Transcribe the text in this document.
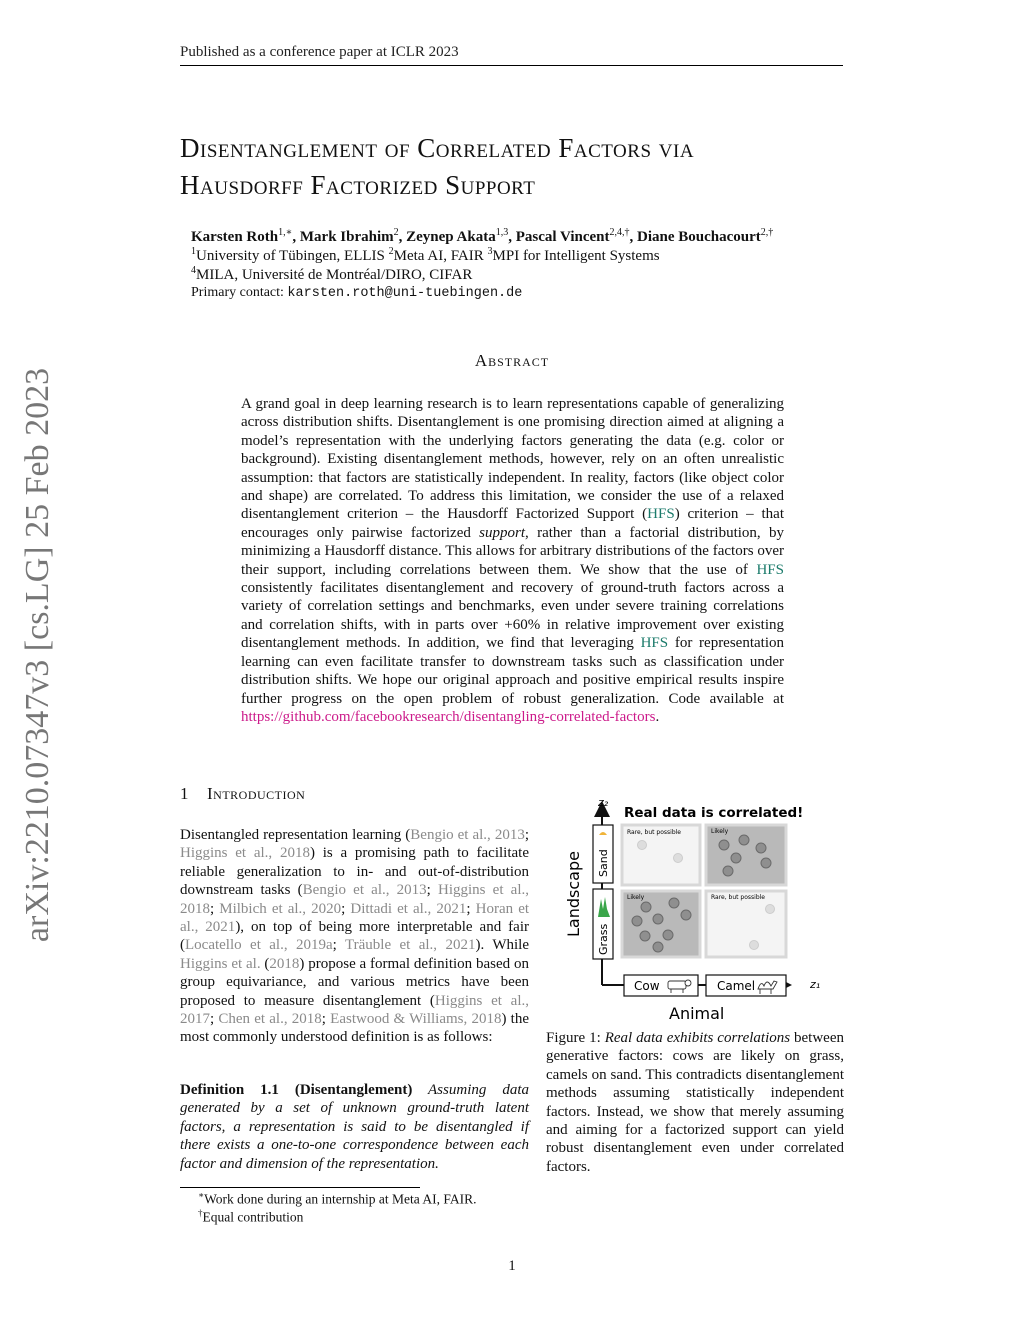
Published as a conference paper at ICLR 2023
arXiv:2210.07347v3 [cs.LG] 25 Feb 2023
Disentanglement of Correlated Factors via
Hausdorff Factorized Support
Karsten Roth$^{1,∗}$, Mark Ibrahim$^2$, Zeynep Akata$^{1,3}$, Pascal Vincent$^{2,4,\dagger}$, Diane Bouchacourt$^{2,\dagger}$
$^1$University of Tübingen, ELLIS $^2$Meta AI, FAIR $^3$MPI for Intelligent Systems
$^4$MILA, Université de Montréal/DIRO, CIFAR
Primary contact: karsten.roth@uni-tuebingen.de
Abstract
A grand goal in deep learning research is to learn representations capable of generalizing across distribution shifts. Disentanglement is one promising direction aimed at aligning a model’s representation with the underlying factors generating the data (e.g. color or background). Existing disentanglement methods, however, rely on an often unrealistic assumption: that factors are statistically independent. In reality, factors (like object color and shape) are correlated. To address this limitation, we consider the use of a relaxed disentanglement criterion – the Hausdorff Factorized Support (HFS) criterion – that encourages only pairwise factorized support, rather than a factorial distribution, by minimizing a Hausdorff distance. This allows for arbitrary distributions of the factors over their support, including correlations between them. We show that the use of HFS consistently facilitates disentanglement and recovery of ground-truth factors across a variety of correlation settings and benchmarks, even under severe training correlations and correlation shifts, with in parts over +60% in relative improvement over existing disentanglement methods. In addition, we find that leveraging HFS for representation learning can even facilitate transfer to downstream tasks such as classification under distribution shifts. We hope our original approach and positive empirical results inspire further progress on the open problem of robust generalization. Code available at https://github.com/facebookresearch/disentangling-correlated-factors.
1 Introduction
Disentangled representation learning (Bengio et al., 2013; Higgins et al., 2018) is a promising path to facilitate reliable generalization to in- and out-of-distribution downstream tasks (Bengio et al., 2013; Higgins et al., 2018; Milbich et al., 2020; Dittadi et al., 2021; Horan et al., 2021), on top of being more interpretable and fair (Locatello et al., 2019a; Träuble et al., 2021). While Higgins et al. (2018) propose a formal definition based on group equivariance, and various metrics have been proposed to measure disentanglement (Higgins et al., 2017; Chen et al., 2018; Eastwood & Williams, 2018) the most commonly understood definition is as follows:
Definition 1.1 (Disentanglement) Assuming data generated by a set of unknown ground-truth latent factors, a representation is said to be disentangled if there exists a one-to-one correspondence between each factor and dimension of the representation.
∗Work done during an internship at Meta AI, FAIR.
†Equal contribution
z₂
z₁
Real data is correlated!
Sand
Grass
Landscape
Rare, but possible	Likely
Likely	Rare, but possible
Cow	Camel
Animal
Figure 1: Real data exhibits correlations between generative factors: cows are likely on grass, camels on sand. This contradicts disentanglement methods assuming statistically independent factors. Instead, we show that merely assuming and aiming for a factorized support can yield robust disentanglement even under correlated factors.
1
